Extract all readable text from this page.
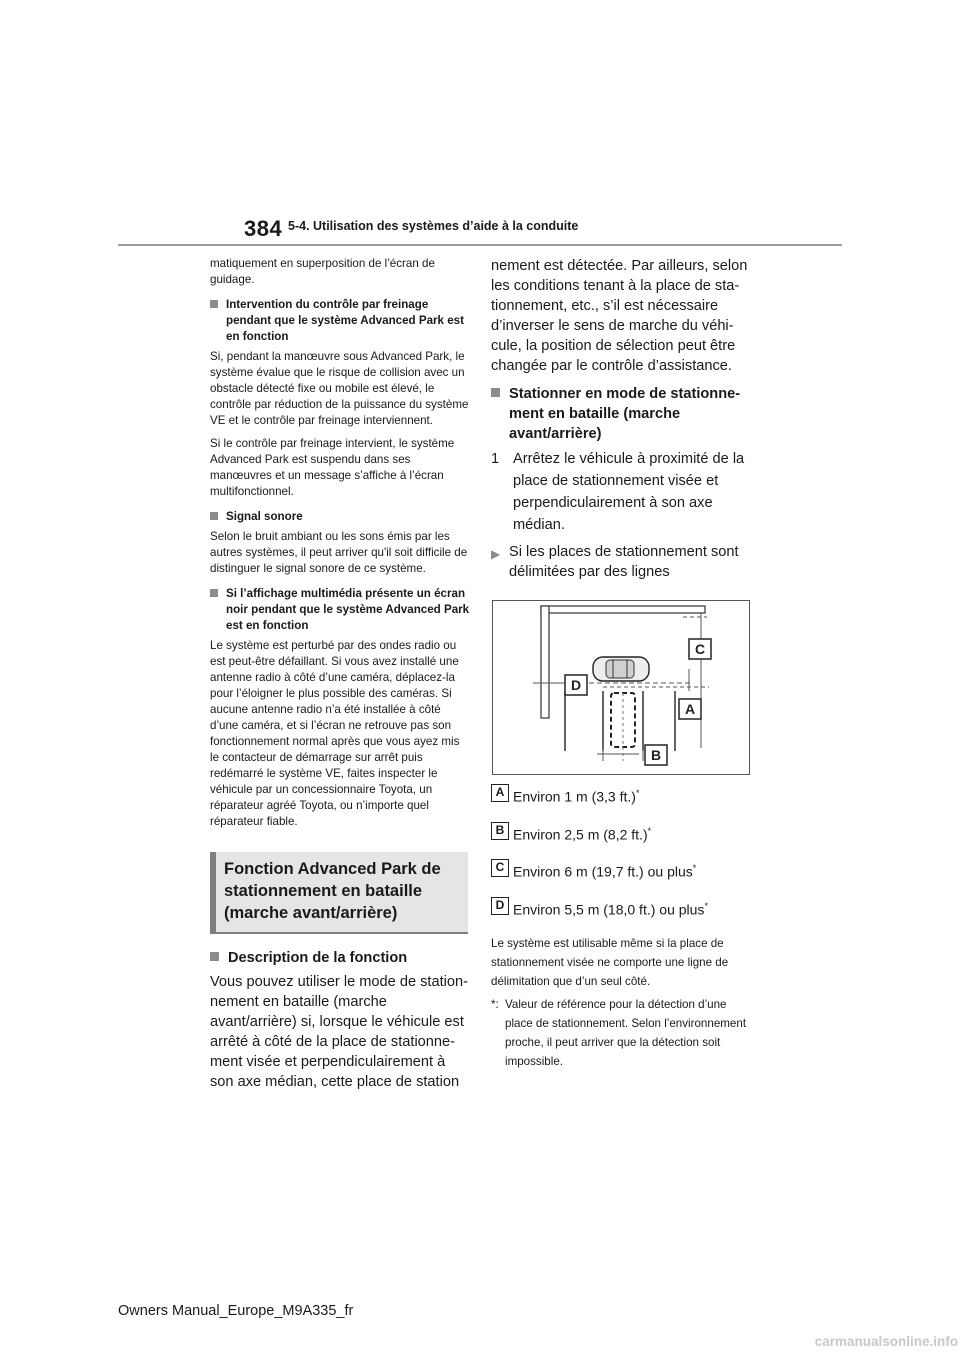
384 5-4. Utilisation des systèmes d’aide à la conduite

matiquement en superposition de l’écran de guidage.

Intervention du contrôle par freinage pendant que le système Advanced Park est en fonction

Si, pendant la manœuvre sous Advanced Park, le système évalue que le risque de collision avec un obstacle détecté fixe ou mobile est élevé, le contrôle par réduction de la puissance du système VE et le contrôle par freinage interviennent.

Si le contrôle par freinage intervient, le système Advanced Park est suspendu dans ses manœuvres et un message s’affiche à l’écran multifonctionnel.

Signal sonore

Selon le bruit ambiant ou les sons émis par les autres systèmes, il peut arriver qu'il soit difficile de distinguer le signal sonore de ce système.

Si l’affichage multimédia présente un écran noir pendant que le système Advanced Park est en fonction

Le système est perturbé par des ondes radio ou est peut-être défaillant. Si vous avez installé une antenne radio à côté d’une caméra, déplacez-la pour l’éloigner le plus possible des caméras. Si aucune antenne radio n’a été installée à côté d’une caméra, et si l’écran ne retrouve pas son fonctionnement normal après que vous ayez mis le contacteur de démarrage sur arrêt puis redémarré le système VE, faites inspecter le véhicule par un concessionnaire Toyota, un réparateur agréé Toyota, ou n’importe quel réparateur fiable.

Fonction Advanced Park de stationnement en bataille (marche avant/arrière)
Description de la fonction

Vous pouvez utiliser le mode de stationnement en bataille (marche avant/arrière) si, lorsque le véhicule est arrêté à côté de la place de stationnement visée et perpendiculairement à son axe médian, cette place de station

nement est détectée. Par ailleurs, selon les conditions tenant à la place de stationnement, etc., s’il est nécessaire d’inverser le sens de marche du véhicule, la position de sélection peut être changée par le contrôle d’assistance.

Stationner en mode de stationnement en bataille (marche avant/arrière)
1 Arrêtez le véhicule à proximité de la place de stationnement visée et perpendiculairement à son axe médian.
▶ Si les places de stationnement sont délimitées par des lignes
C
D
A
B
A Environ 1 m (3,3 ft.)*
B Environ 2,5 m (8,2 ft.)*
C Environ 6 m (19,7 ft.) ou plus*
D Environ 5,5 m (18,0 ft.) ou plus*

Le système est utilisable même si la place de stationnement visée ne comporte une ligne de délimitation que d’un seul côté.

*: Valeur de référence pour la détection d’une place de stationnement. Selon l’environnement proche, il peut arriver que la détection soit impossible.
Owners Manual_Europe_M9A335_fr
carmanualsonline.info
